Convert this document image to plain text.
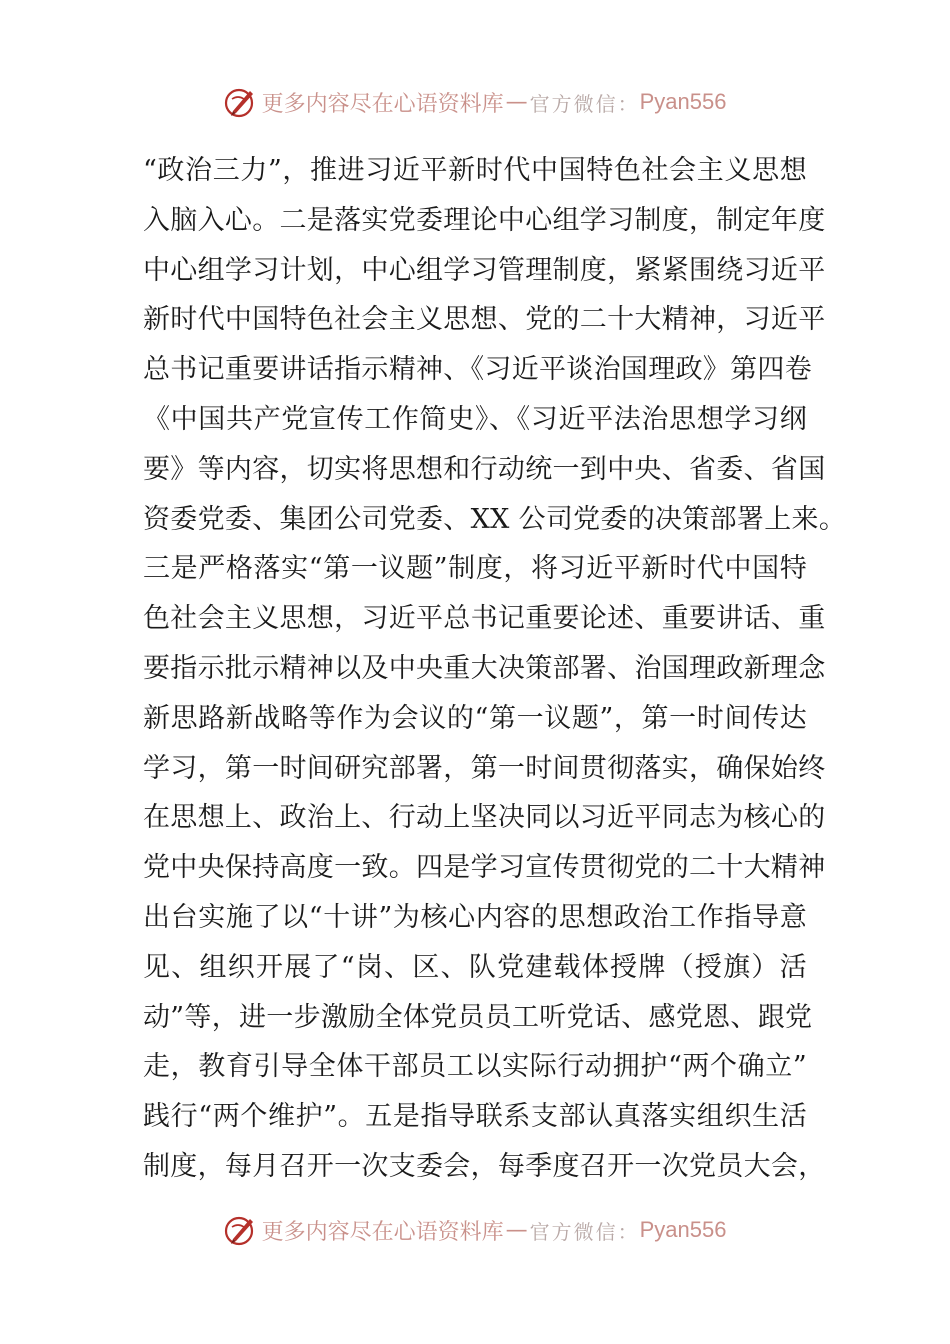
更多内容尽在心语资料库 — 官方微信： Pyan556
“政治三力”，推进习近平新时代中国特色社会主义思想
入脑入心。二是落实党委理论中心组学习制度，制定年度
中心组学习计划，中心组学习管理制度，紧紧围绕习近平
新时代中国特色社会主义思想、党的二十大精神，习近平
总书记重要讲话指示精神、《习近平谈治国理政》第四卷
《中国共产党宣传工作简史》、《习近平法治思想学习纲
要》等内容，切实将思想和行动统一到中央、省委、省国
资委党委、集团公司党委、XX 公司党委的决策部署上来。
三是严格落实“第一议题”制度，将习近平新时代中国特
色社会主义思想，习近平总书记重要论述、重要讲话、重
要指示批示精神以及中央重大决策部署、治国理政新理念
新思路新战略等作为会议的“第一议题”，第一时间传达
学习，第一时间研究部署，第一时间贯彻落实，确保始终
在思想上、政治上、行动上坚决同以习近平同志为核心的
党中央保持高度一致。四是学习宣传贯彻党的二十大精神
出台实施了以“十讲”为核心内容的思想政治工作指导意
见、组织开展了“岗、区、队党建载体授牌（授旗）活
动”等，进一步激励全体党员员工听党话、感党恩、跟党
走，教育引导全体干部员工以实际行动拥护“两个确立”
践行“两个维护”。五是指导联系支部认真落实组织生活
制度，每月召开一次支委会，每季度召开一次党员大会，
更多内容尽在心语资料库 — 官方微信： Pyan556
